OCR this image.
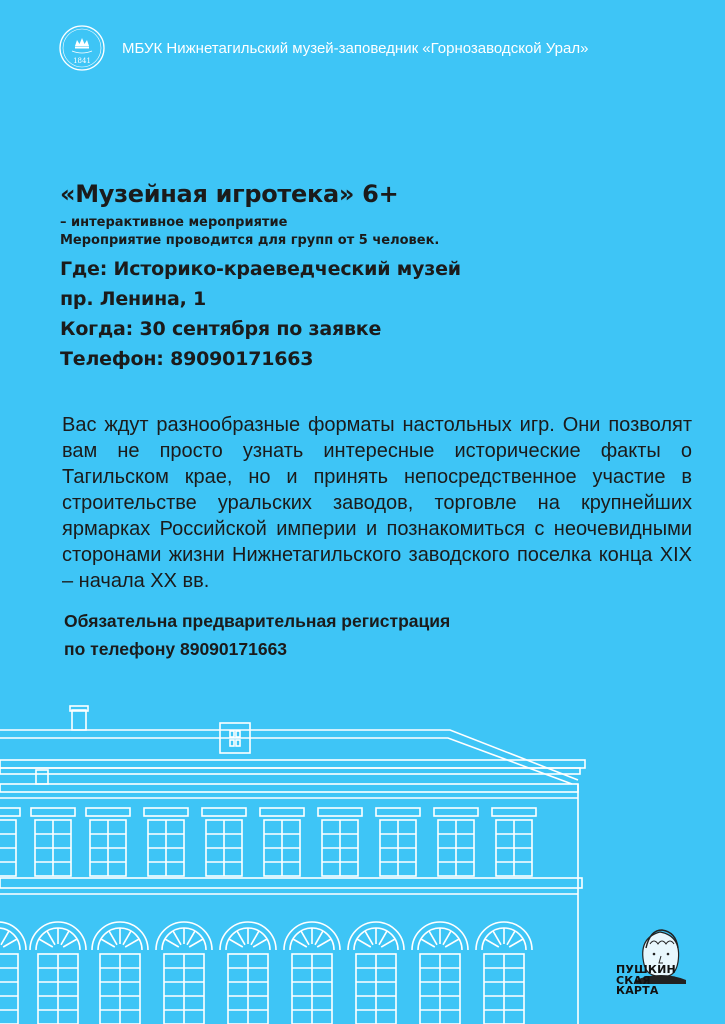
1841
МБУК Нижнетагильский музей-заповедник «Горнозаводской Урал»
«Музейная игротека» 6+
– интерактивное мероприятие
Мероприятие проводится для групп от 5 человек.
Где: Историко-краеведческий музей
пр. Ленина, 1
Когда: 30 сентября по заявке
Телефон: 89090171663
Вас ждут разнообразные форматы настольных игр. Они позволят вам не просто узнать интересные исторические факты о Тагильском крае, но и принять непосредственное участие в строительстве уральских заводов, торговле на крупнейших ярмарках Российской империи и познакомиться с неочевидными сторонами жизни Нижнетагильского заводского поселка конца XIX – начала XX вв.
Обязательна предварительная регистрация
по телефону 89090171663
ПУШКИН
СКАЯ
КАРТА
